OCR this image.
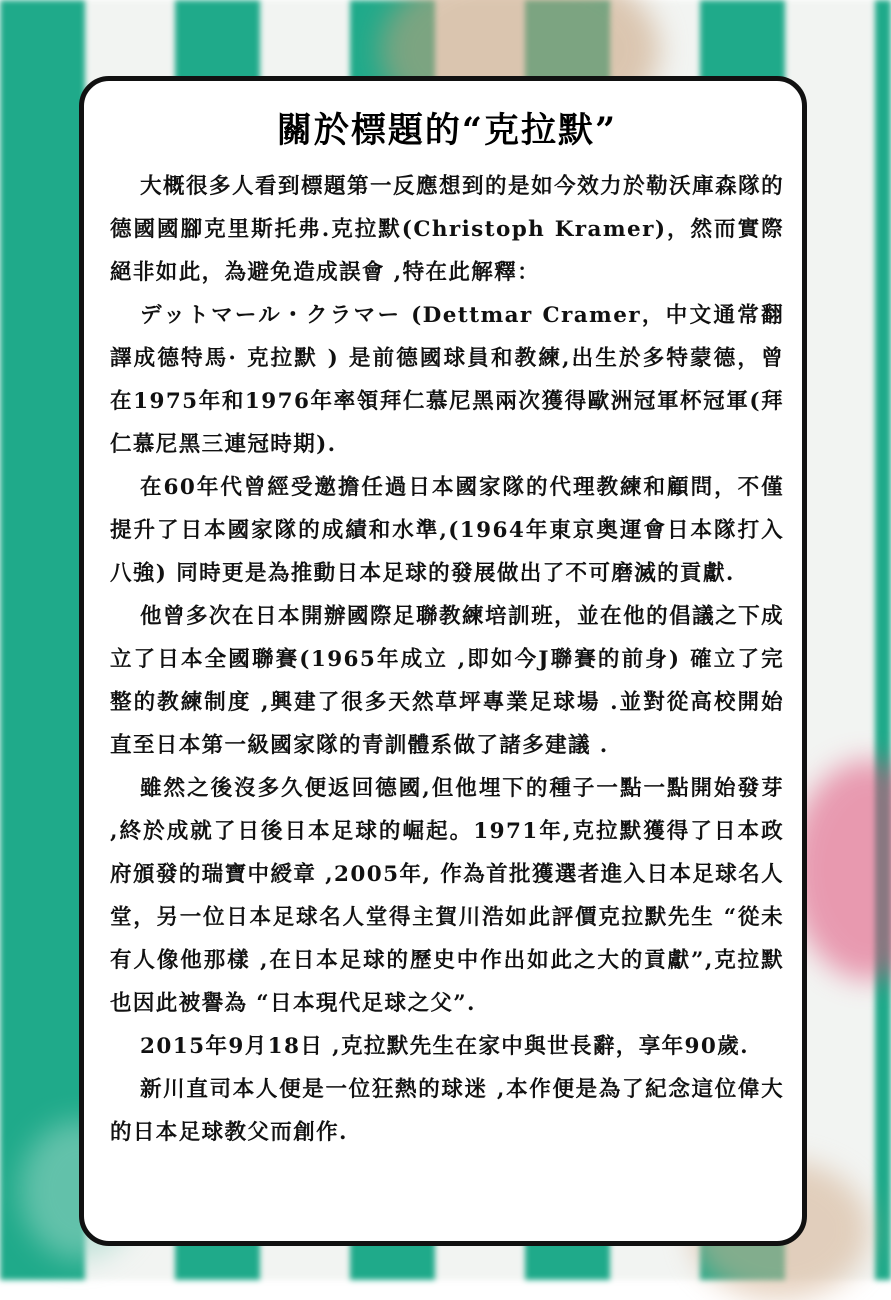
關於標題的“克拉默”

大概很多人看到標題第一反應想到的是如今效力於勒沃庫森隊的德國國腳克里斯托弗.克拉默(Christoph Kramer)，然而實際絕非如此，為避免造成誤會 ,特在此解釋：

デットマール・クラマー (Dettmar Cramer，中文通常翻譯成德特馬· 克拉默 ) 是前德國球員和教練,出生於多特蒙德，曾在1975年和1976年率領拜仁慕尼黑兩次獲得歐洲冠軍杯冠軍(拜仁慕尼黑三連冠時期).

在60年代曾經受邀擔任過日本國家隊的代理教練和顧問，不僅提升了日本國家隊的成績和水準,(1964年東京奥運會日本隊打入八強) 同時更是為推動日本足球的發展做出了不可磨滅的貢獻.

他曾多次在日本開辦國際足聯教練培訓班，並在他的倡議之下成立了日本全國聯賽(1965年成立 ,即如今J聯賽的前身) 確立了完整的教練制度 ,興建了很多天然草坪專業足球場 .並對從高校開始直至日本第一級國家隊的青訓體系做了諸多建議 .

雖然之後沒多久便返回德國,但他埋下的種子一點一點開始發芽 ,終於成就了日後日本足球的崛起。1971年,克拉默獲得了日本政府頒發的瑞寶中綬章 ,2005年, 作為首批獲選者進入日本足球名人堂，另一位日本足球名人堂得主賀川浩如此評價克拉默先生 “從未有人像他那樣 ,在日本足球的歷史中作出如此之大的貢獻”,克拉默也因此被譽為 “日本現代足球之父”.

2015年9月18日 ,克拉默先生在家中與世長辭，享年90歲.

新川直司本人便是一位狂熱的球迷 ,本作便是為了紀念這位偉大的日本足球教父而創作.
